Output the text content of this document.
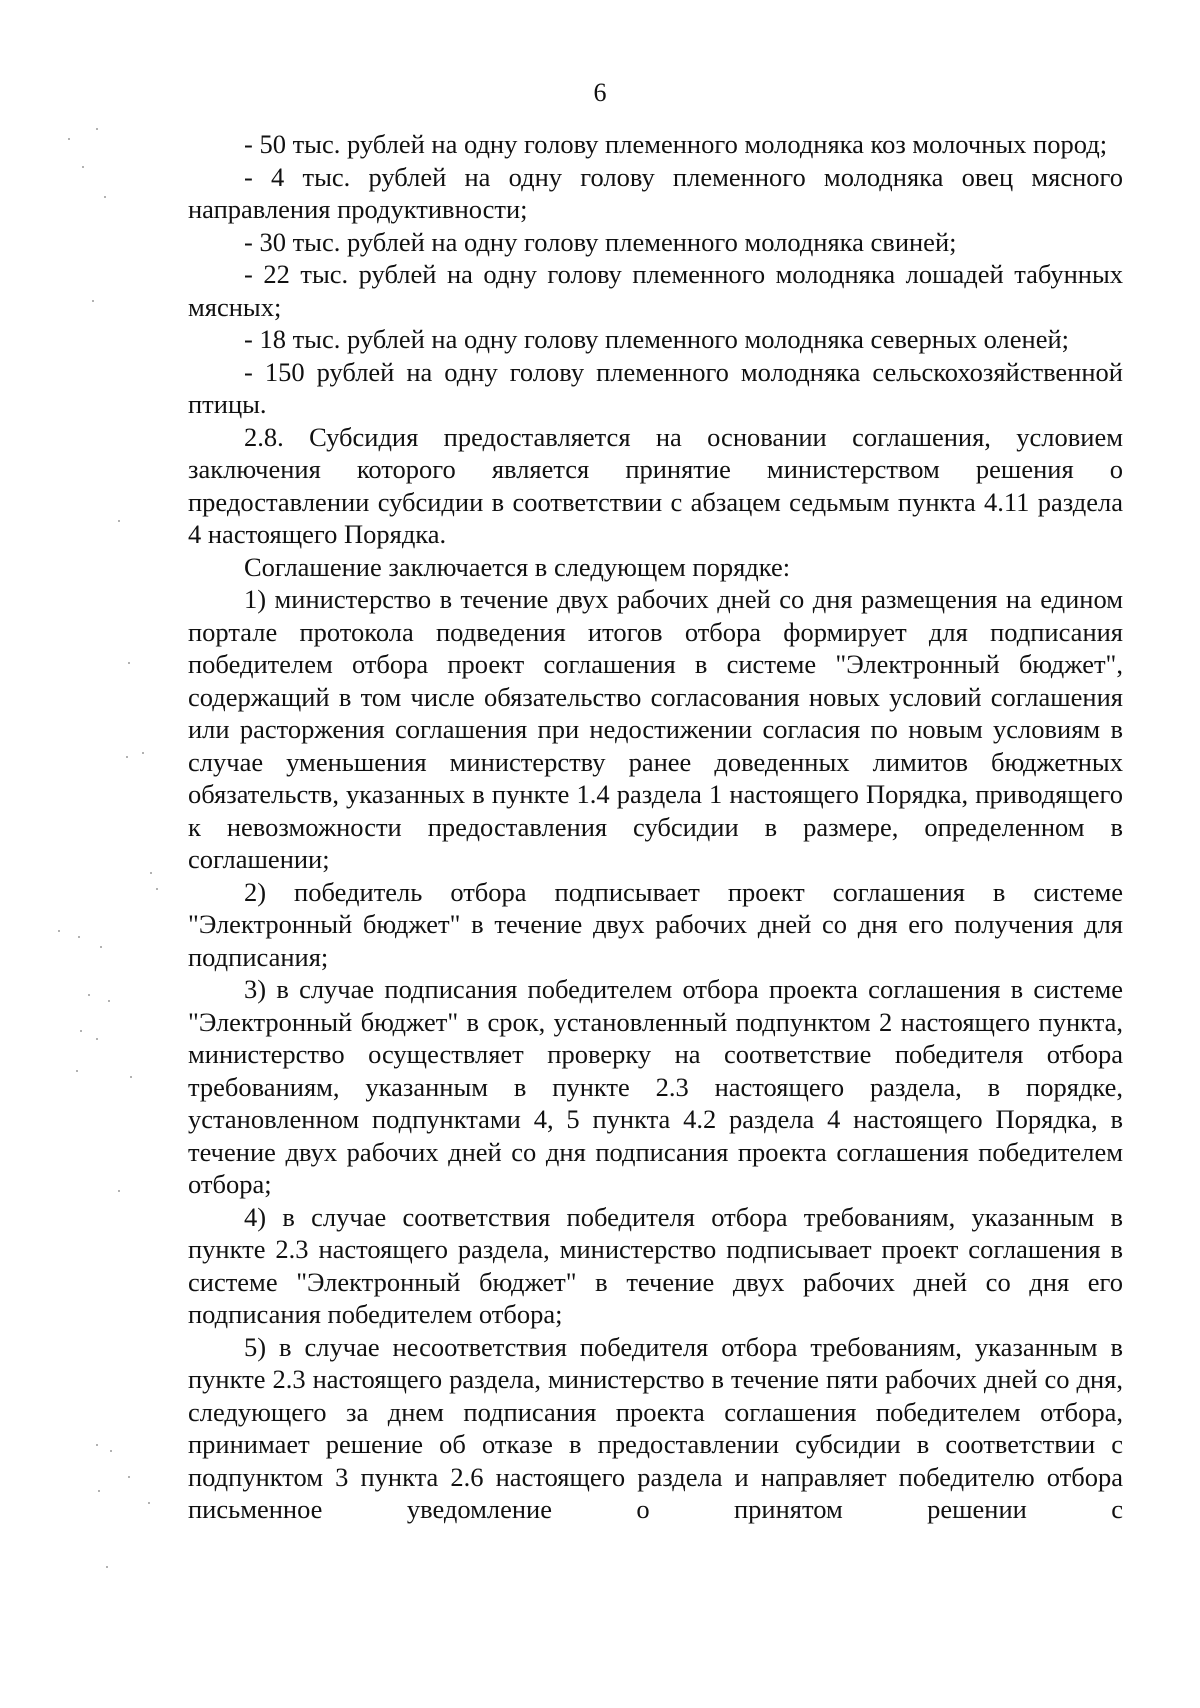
6

- 50 тыс. рублей на одну голову племенного молодняка коз молочных пород;

- 4 тыс. рублей на одну голову племенного молодняка овец мясного направления продуктивности;

- 30 тыс. рублей на одну голову племенного молодняка свиней;

- 22 тыс. рублей на одну голову племенного молодняка лошадей табунных мясных;

- 18 тыс. рублей на одну голову племенного молодняка северных оленей;

- 150 рублей на одну голову племенного молодняка сельскохозяйственной птицы.

2.8. Субсидия предоставляется на основании соглашения, условием заключения которого является принятие министерством решения о предоставлении субсидии в соответствии с абзацем седьмым пункта 4.11 раздела 4 настоящего Порядка.

Соглашение заключается в следующем порядке:

1) министерство в течение двух рабочих дней со дня размещения на едином портале протокола подведения итогов отбора формирует для подписания победителем отбора проект соглашения в системе "Электронный бюджет", содержащий в том числе обязательство согласования новых условий соглашения или расторжения соглашения при недостижении согласия по новым условиям в случае уменьшения министерству ранее доведенных лимитов бюджетных обязательств, указанных в пункте 1.4 раздела 1 настоящего Порядка, приводящего к невозможности предоставления субсидии в размере, определенном в соглашении;

2) победитель отбора подписывает проект соглашения в системе "Электронный бюджет" в течение двух рабочих дней со дня его получения для подписания;

3) в случае подписания победителем отбора проекта соглашения в системе "Электронный бюджет" в срок, установленный подпунктом 2 настоящего пункта, министерство осуществляет проверку на соответствие победителя отбора требованиям, указанным в пункте 2.3 настоящего раздела, в порядке, установленном подпунктами 4, 5 пункта 4.2 раздела 4 настоящего Порядка, в течение двух рабочих дней со дня подписания проекта соглашения победителем отбора;

4) в случае соответствия победителя отбора требованиям, указанным в пункте 2.3 настоящего раздела, министерство подписывает проект соглашения в системе "Электронный бюджет" в течение двух рабочих дней со дня его подписания победителем отбора;

5) в случае несоответствия победителя отбора требованиям, указанным в пункте 2.3 настоящего раздела, министерство в течение пяти рабочих дней со дня, следующего за днем подписания проекта соглашения победителем отбора, принимает решение об отказе в предоставлении субсидии в соответствии с подпунктом 3 пункта 2.6 настоящего раздела и направляет победителю отбора письменное уведомление о принятом решении с
